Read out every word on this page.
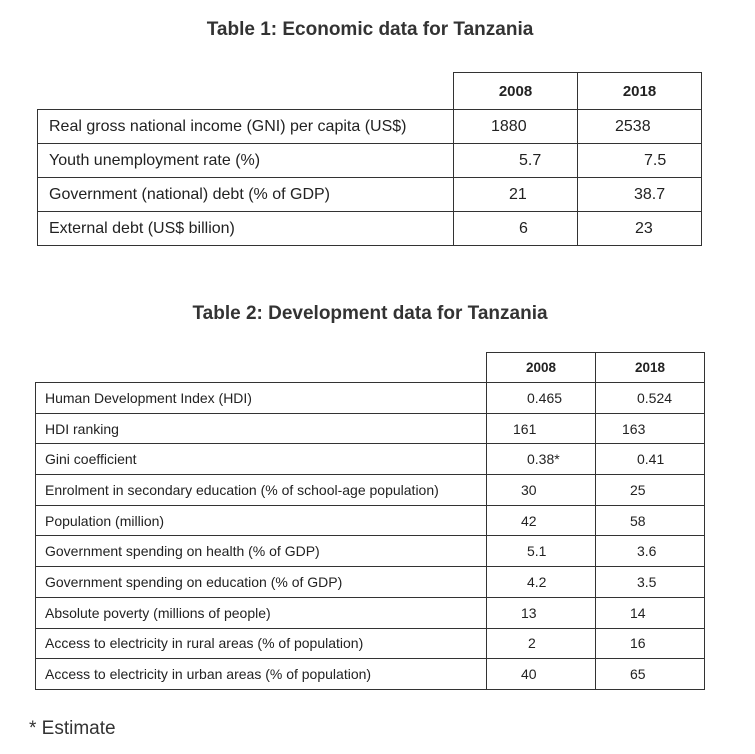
Table 1: Economic data for Tanzania
	2008	2018
Real gross national income (GNI) per capita (US$)	1880	2538
Youth unemployment rate (%)	5.7	7.5
Government (national) debt (% of GDP)	21	38.7
External debt (US$ billion)	6	23
Table 2: Development data for Tanzania
	2008	2018
Human Development Index (HDI)	0.465	0.524
HDI ranking	161	163
Gini coefficient	0.38*	0.41
Enrolment in secondary education (% of school-age population)	30	25
Population (million)	42	58
Government spending on health (% of GDP)	5.1	3.6
Government spending on education (% of GDP)	4.2	3.5
Absolute poverty (millions of people)	13	14
Access to electricity in rural areas (% of population)	2	16
Access to electricity in urban areas (% of population)	40	65
* Estimate
